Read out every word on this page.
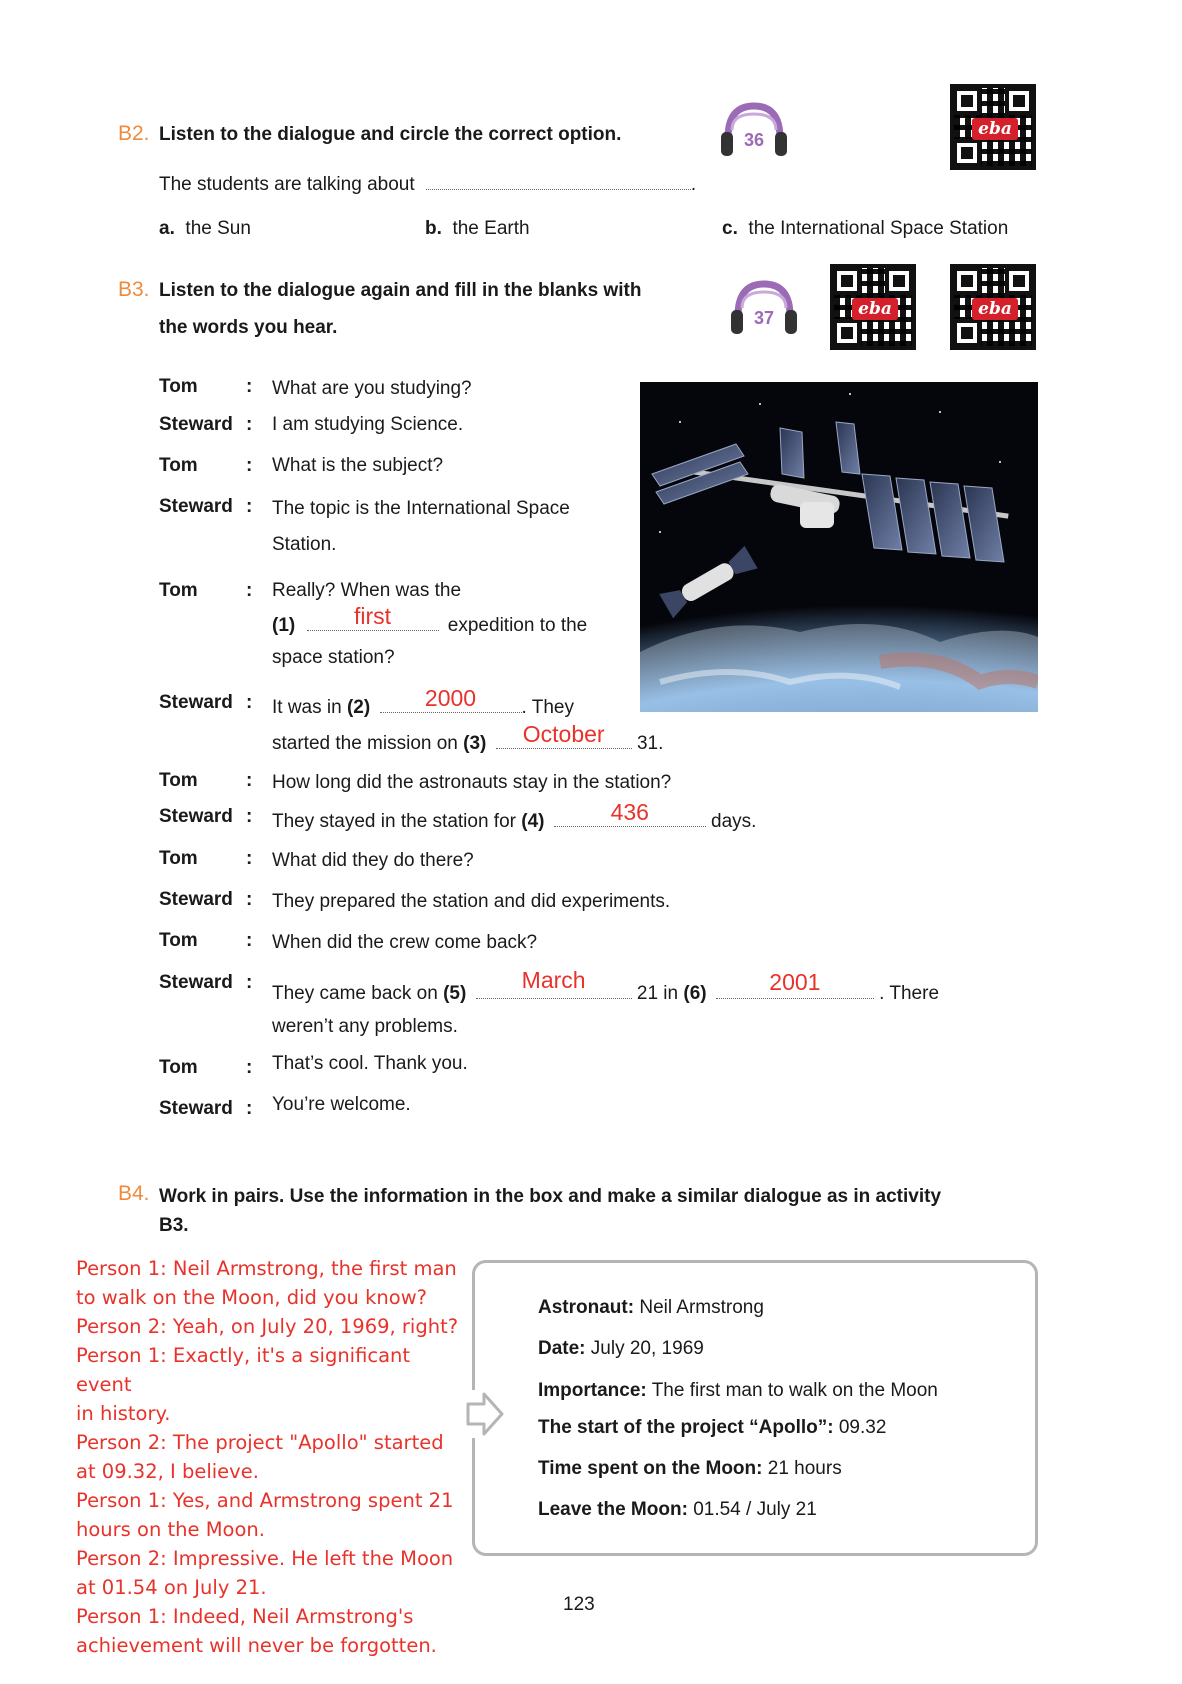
B2. Listen to the dialogue and circle the correct option.	36
eba
The students are talking about	.
a. the Sun	b. the Earth	c. the International Space Station
B3. Listen to the dialogue again and fill in the blanks with
the words you hear.	37	eba	eba
Tom	: What are you studying?
Steward : I am studying Science.
Tom	: What is the subject?
Steward : The topic is the International Space
Station.
Tom	: Really? When was the
(1)	first	expedition to the
space station?
Steward : It was in (2)	2000	. They
started the mission on (3)	October	31.
Tom	: How long did the astronauts stay in the station?
Steward : They stayed in the station for (4)	436	days.
Tom	: What did they do there?
Steward : They prepared the station and did experiments.
Tom	: When did the crew come back?
Steward :
They came back on (5)
March
21 in (6)	2001	. There
weren’t any problems.
Tom	: That’s cool. Thank you.
Steward : You’re welcome.
B4. Work in pairs. Use the information in the box and make a similar dialogue as in activity
B3.
Person 1: Neil Armstrong, the first man
to walk on the Moon, did you know?
Person 2: Yeah, on July 20, 1969, right?
Person 1: Exactly, it's a significant event
in history.
Person 2: The project "Apollo" started
at 09.32, I believe.
Person 1: Yes, and Armstrong spent 21
hours on the Moon.
Person 2: Impressive. He left the Moon
at 01.54 on July 21.
Person 1: Indeed, Neil Armstrong's
achievement will never be forgotten.
Astronaut: Neil Armstrong
Date: July 20, 1969
Importance: The first man to walk on the Moon
The start of the project “Apollo”: 09.32
Time spent on the Moon: 21 hours
Leave the Moon: 01.54 / July 21
123
